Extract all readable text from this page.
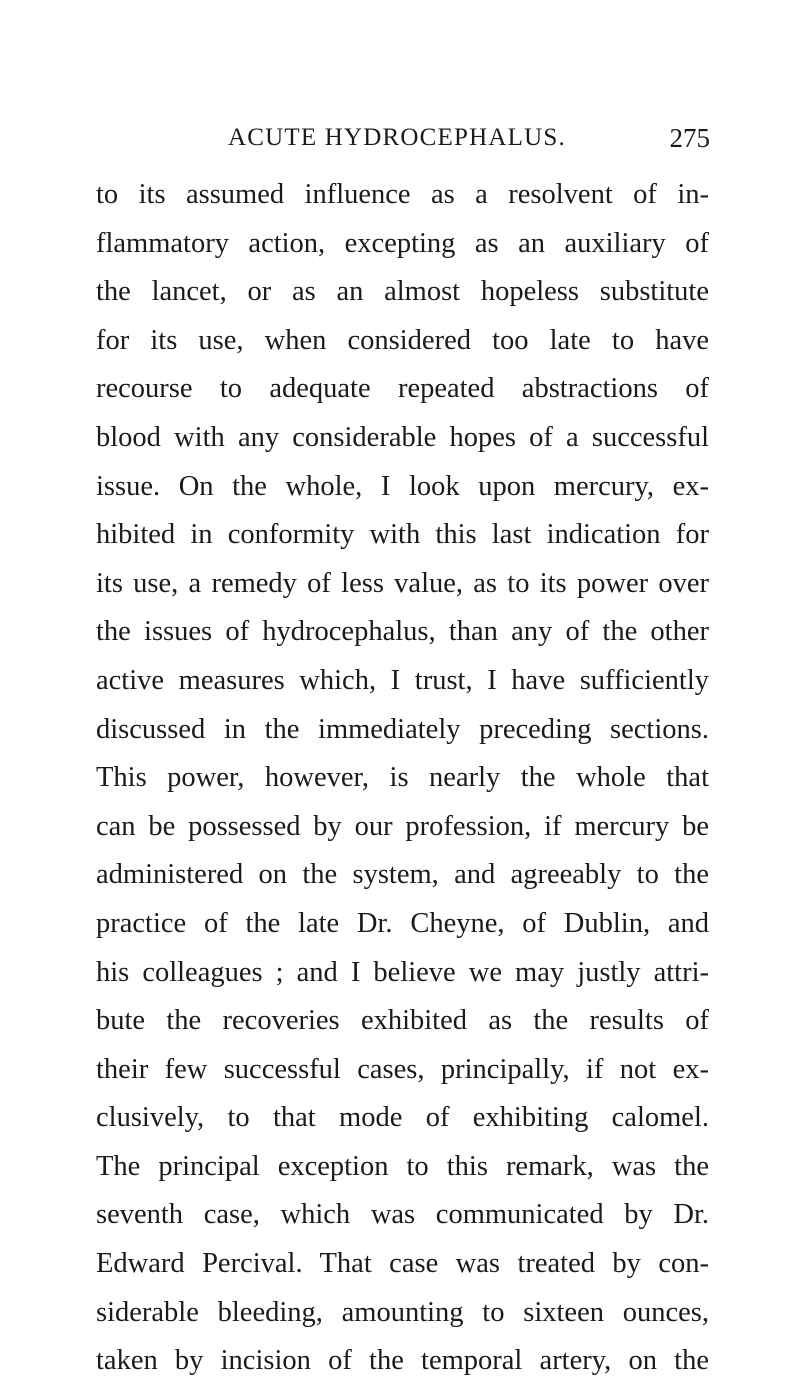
ACUTE HYDROCEPHALUS.	275
to its assumed influence as a resolvent of in-
flammatory action, excepting as an auxiliary of
the lancet, or as an almost hopeless substitute
for its use, when considered too late to have
recourse to adequate repeated abstractions of
blood with any considerable hopes of a successful
issue. On the whole, I look upon mercury, ex-
hibited in conformity with this last indication for
its use, a remedy of less value, as to its power over
the issues of hydrocephalus, than any of the other
active measures which, I trust, I have sufficiently
discussed in the immediately preceding sections.
This power, however, is nearly the whole that
can be possessed by our profession, if mercury be
administered on the system, and agreeably to the
practice of the late Dr. Cheyne, of Dublin, and
his colleagues ; and I believe we may justly attri-
bute the recoveries exhibited as the results of
their few successful cases, principally, if not ex-
clusively, to that mode of exhibiting calomel.
The principal exception to this remark, was the
seventh case, which was communicated by Dr.
Edward Percival. That case was treated by con-
siderable bleeding, amounting to sixteen ounces,
taken by incision of the temporal artery, on the
